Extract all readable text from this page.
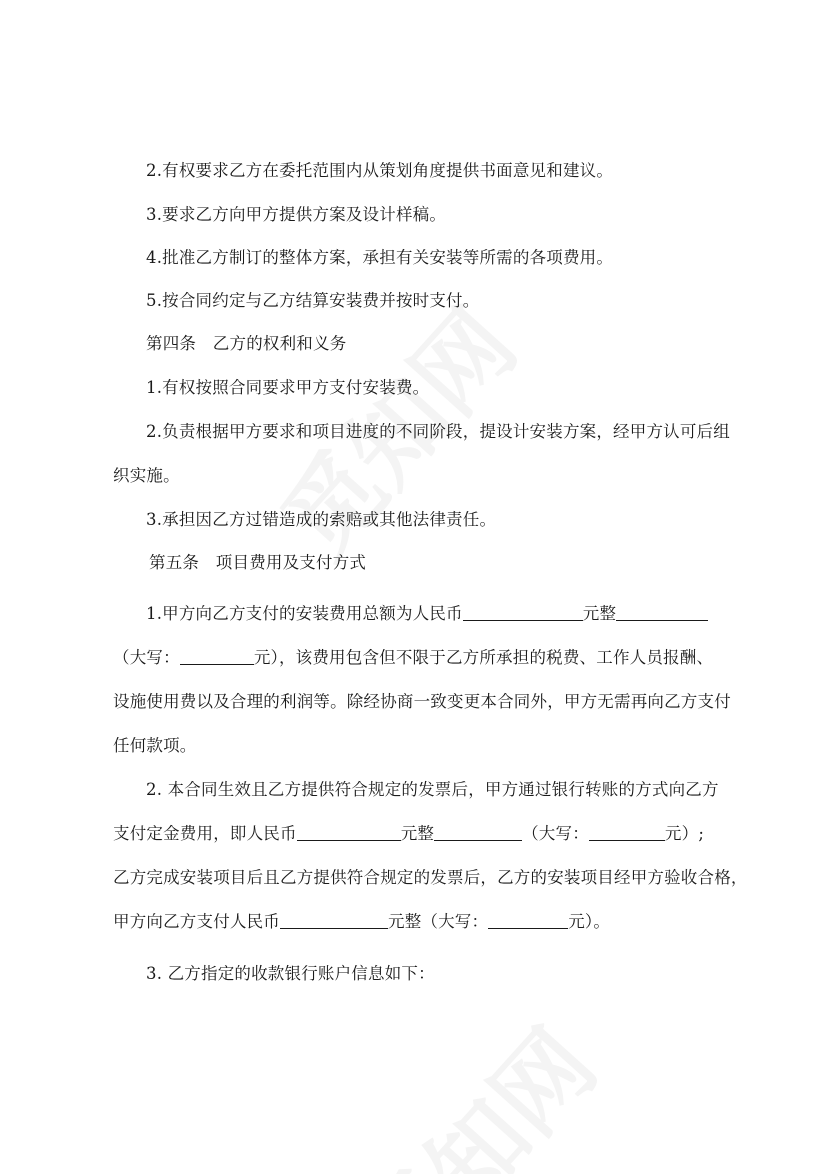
2.有权要求乙方在委托范围内从策划角度提供书面意见和建议。
3.要求乙方向甲方提供方案及设计样稿。
4.批准乙方制订的整体方案，承担有关安装等所需的各项费用。
5.按合同约定与乙方结算安装费并按时支付。
第四条　乙方的权利和义务
1.有权按照合同要求甲方支付安装费。
2.负责根据甲方要求和项目进度的不同阶段，提设计安装方案，经甲方认可后组
织实施。
3.承担因乙方过错造成的索赔或其他法律责任。
第五条　项目费用及支付方式
1.甲方向乙方支付的安装费用总额为人民币	元整
（大写：	元），该费用包含但不限于乙方所承担的税费、工作人员报酬、
设施使用费以及合理的利润等。除经协商一致变更本合同外，甲方无需再向乙方支付
任何款项。
2. 本合同生效且乙方提供符合规定的发票后，甲方通过银行转账的方式向乙方
支付定金费用，即人民币	元整	（大写：	元）;
乙方完成安装项目后且乙方提供符合规定的发票后，乙方的安装项目经甲方验收合格，
甲方向乙方支付人民币	元整（大写：	元）。
3. 乙方指定的收款银行账户信息如下：
